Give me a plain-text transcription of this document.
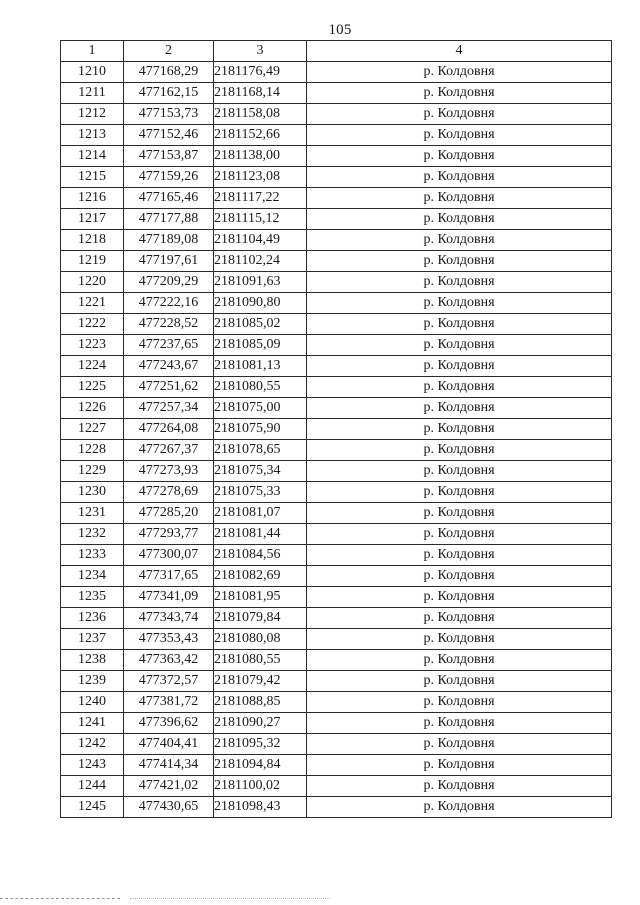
105
1	2	3	4
1210	477168,29	2181176,49	р. Колдовня
1211	477162,15	2181168,14	р. Колдовня
1212	477153,73	2181158,08	р. Колдовня
1213	477152,46	2181152,66	р. Колдовня
1214	477153,87	2181138,00	р. Колдовня
1215	477159,26	2181123,08	р. Колдовня
1216	477165,46	2181117,22	р. Колдовня
1217	477177,88	2181115,12	р. Колдовня
1218	477189,08	2181104,49	р. Колдовня
1219	477197,61	2181102,24	р. Колдовня
1220	477209,29	2181091,63	р. Колдовня
1221	477222,16	2181090,80	р. Колдовня
1222	477228,52	2181085,02	р. Колдовня
1223	477237,65	2181085,09	р. Колдовня
1224	477243,67	2181081,13	р. Колдовня
1225	477251,62	2181080,55	р. Колдовня
1226	477257,34	2181075,00	р. Колдовня
1227	477264,08	2181075,90	р. Колдовня
1228	477267,37	2181078,65	р. Колдовня
1229	477273,93	2181075,34	р. Колдовня
1230	477278,69	2181075,33	р. Колдовня
1231	477285,20	2181081,07	р. Колдовня
1232	477293,77	2181081,44	р. Колдовня
1233	477300,07	2181084,56	р. Колдовня
1234	477317,65	2181082,69	р. Колдовня
1235	477341,09	2181081,95	р. Колдовня
1236	477343,74	2181079,84	р. Колдовня
1237	477353,43	2181080,08	р. Колдовня
1238	477363,42	2181080,55	р. Колдовня
1239	477372,57	2181079,42	р. Колдовня
1240	477381,72	2181088,85	р. Колдовня
1241	477396,62	2181090,27	р. Колдовня
1242	477404,41	2181095,32	р. Колдовня
1243	477414,34	2181094,84	р. Колдовня
1244	477421,02	2181100,02	р. Колдовня
1245	477430,65	2181098,43	р. Колдовня
